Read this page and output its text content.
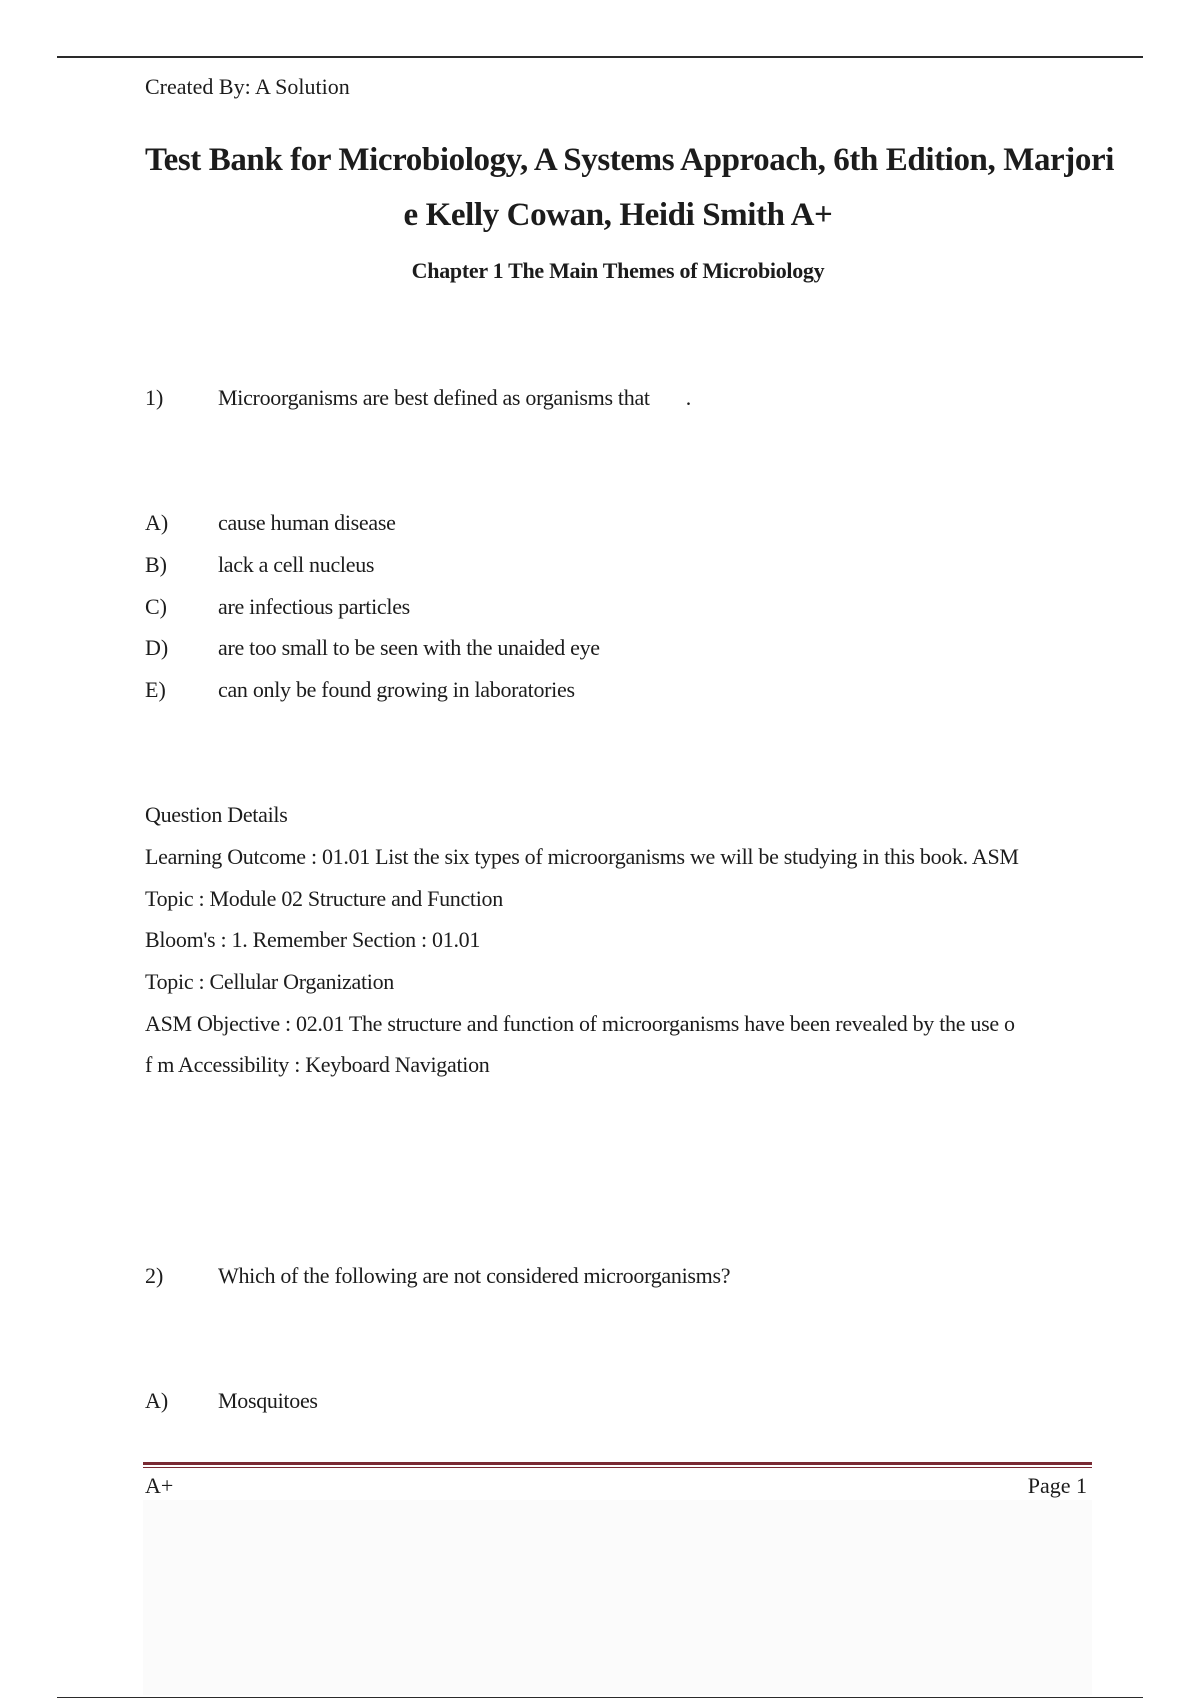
Created By: A Solution
Test Bank for Microbiology, A Systems Approach, 6th Edition, Marjori
e Kelly Cowan, Heidi Smith A+
Chapter 1 The Main Themes of Microbiology
1) Microorganisms are best defined as organisms that .
A) cause human disease
B) lack a cell nucleus
C) are infectious particles
D) are too small to be seen with the unaided eye
E) can only be found growing in laboratories
Question Details
Learning Outcome : 01.01 List the six types of microorganisms we will be studying in this book. ASM
Topic : Module 02 Structure and Function
Bloom's : 1. Remember Section : 01.01
Topic : Cellular Organization
ASM Objective : 02.01 The structure and function of microorganisms have been revealed by the use o
f m Accessibility : Keyboard Navigation
2) Which of the following are not considered microorganisms?
A) Mosquitoes
A+	Page 1
